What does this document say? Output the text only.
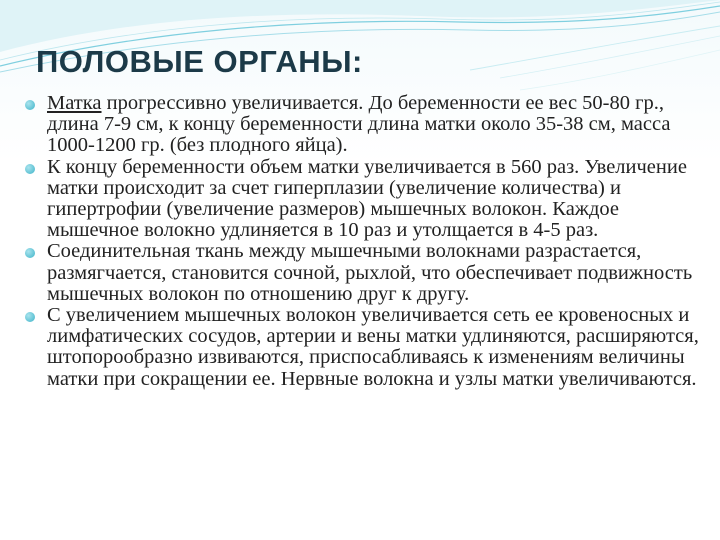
ПОЛОВЫЕ ОРГАНЫ:
Матка прогрессивно увеличивается. До беременности ее вес 50-80 гр., длина 7-9 см, к концу беременности длина матки около 35-38 см, масса 1000-1200 гр. (без плодного яйца).
К концу беременности объем матки увеличивается в 560 раз. Увеличение матки происходит за счет гиперплазии (увеличение количества) и гипертрофии (увеличение размеров) мышечных волокон. Каждое мышечное волокно удлиняется в 10 раз и утолщается в 4-5 раз.
Соединительная ткань между мышечными волокнами разрастается, размягчается, становится сочной, рыхлой, что обеспечивает подвижность мышечных волокон по отношению друг к другу.
С увеличением мышечных волокон увеличивается сеть ее кровеносных и лимфатических сосудов, артерии и вены матки удлиняются, расширяются, штопорообразно извиваются, приспосабливаясь к изменениям величины матки при сокращении ее. Нервные волокна и узлы матки увеличиваются.
